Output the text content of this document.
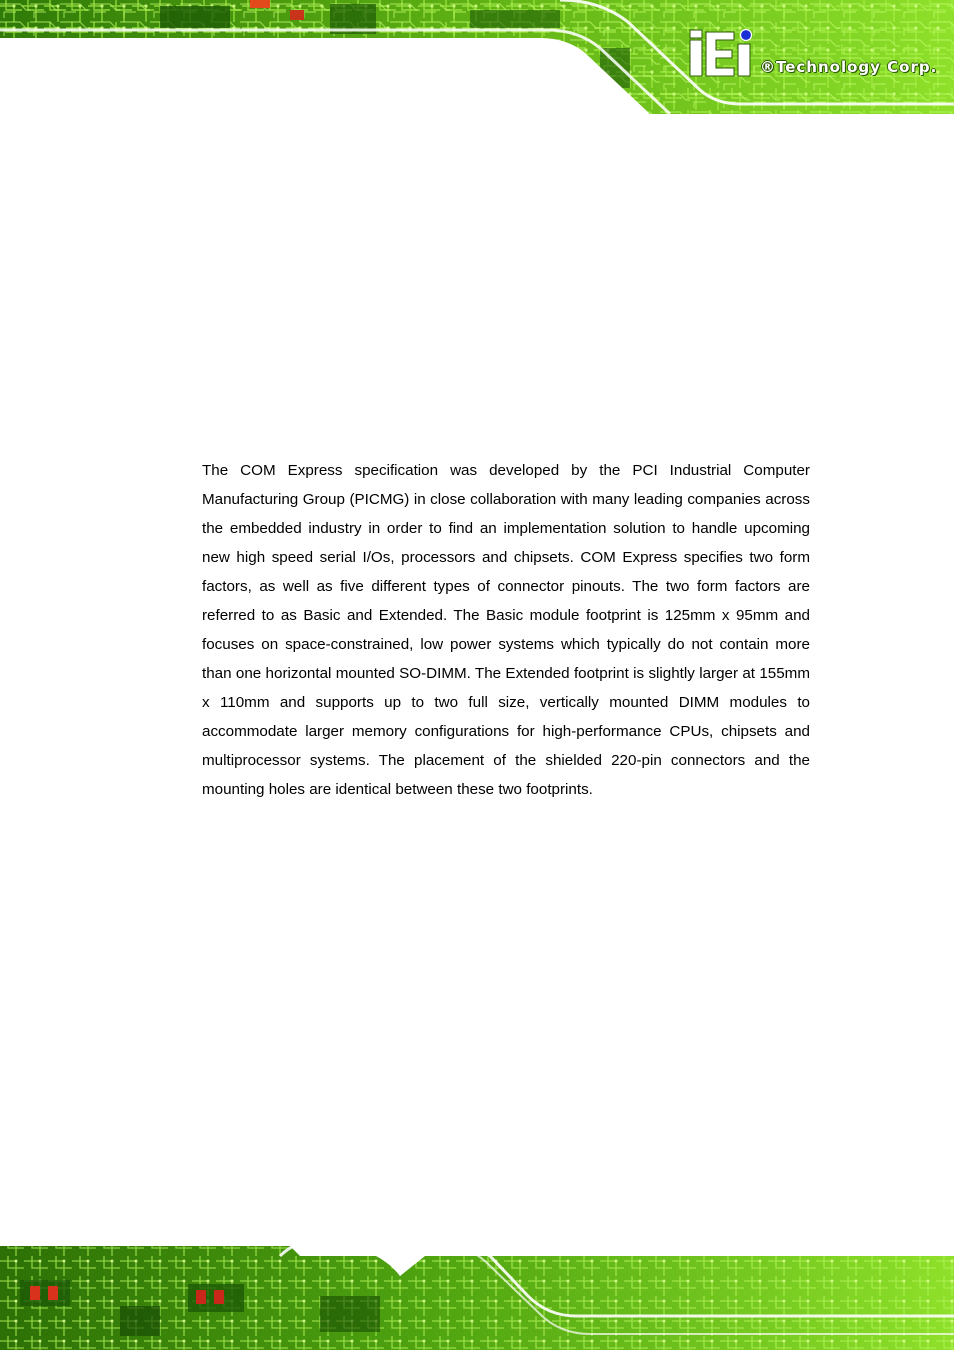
®Technology Corp.

The COM Express specification was developed by the PCI Industrial Computer Manufacturing Group (PICMG) in close collaboration with many leading companies across the embedded industry in order to find an implementation solution to handle upcoming new high speed serial I/Os, processors and chipsets. COM Express specifies two form factors, as well as five different types of connector pinouts. The two form factors are referred to as Basic and Extended. The Basic module footprint is 125mm x 95mm and focuses on space-constrained, low power systems which typically do not contain more than one horizontal mounted SO-DIMM. The Extended footprint is slightly larger at 155mm x 110mm and supports up to two full size, vertically mounted DIMM modules to accommodate larger memory configurations for high-performance CPUs, chipsets and multiprocessor systems. The placement of the shielded 220-pin connectors and the mounting holes are identical between these two footprints.
